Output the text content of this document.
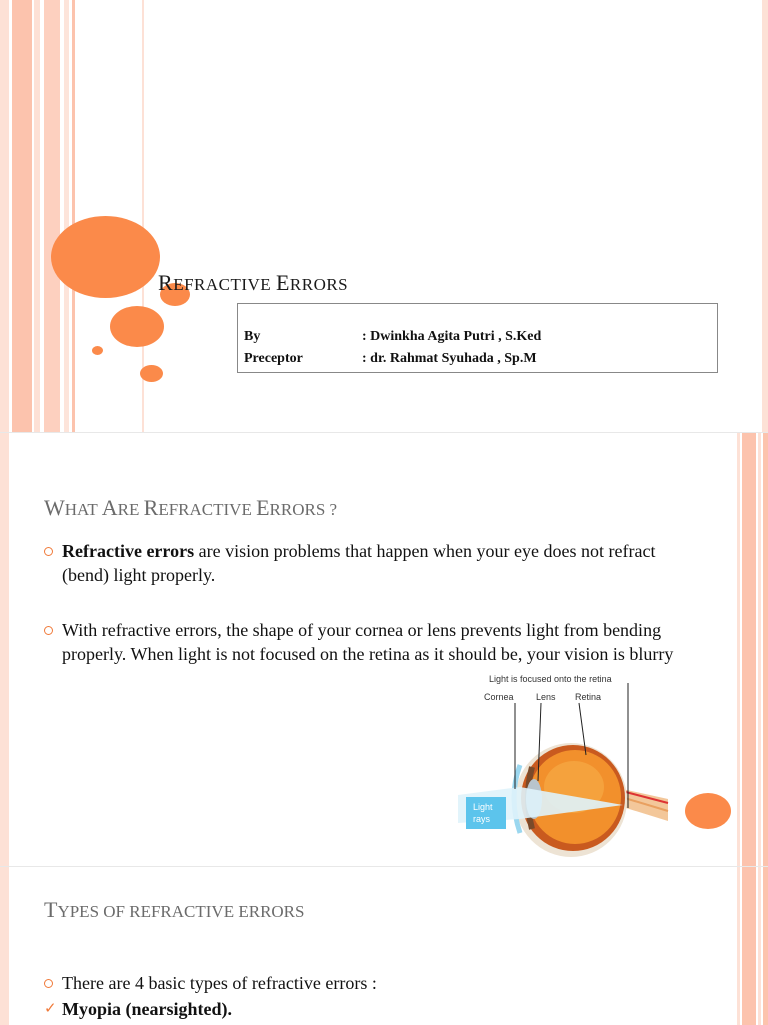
REFRACTIVE ERRORS
By	: Dwinkha Agita Putri , S.Ked
Preceptor	: dr. Rahmat Syuhada , Sp.M
WHAT ARE REFRACTIVE ERRORS ?
Refractive errors are vision problems that happen when your eye does not refract (bend) light properly.
With refractive errors, the shape of your cornea or lens prevents light from bending properly. When light is not focused on the retina as it should be, your vision is blurry
Light is focused onto the retina
Cornea Lens Retina
Light
rays
TYPES OF REFRACTIVE ERRORS
There are 4 basic types of refractive errors :
✓ Myopia (nearsighted).
